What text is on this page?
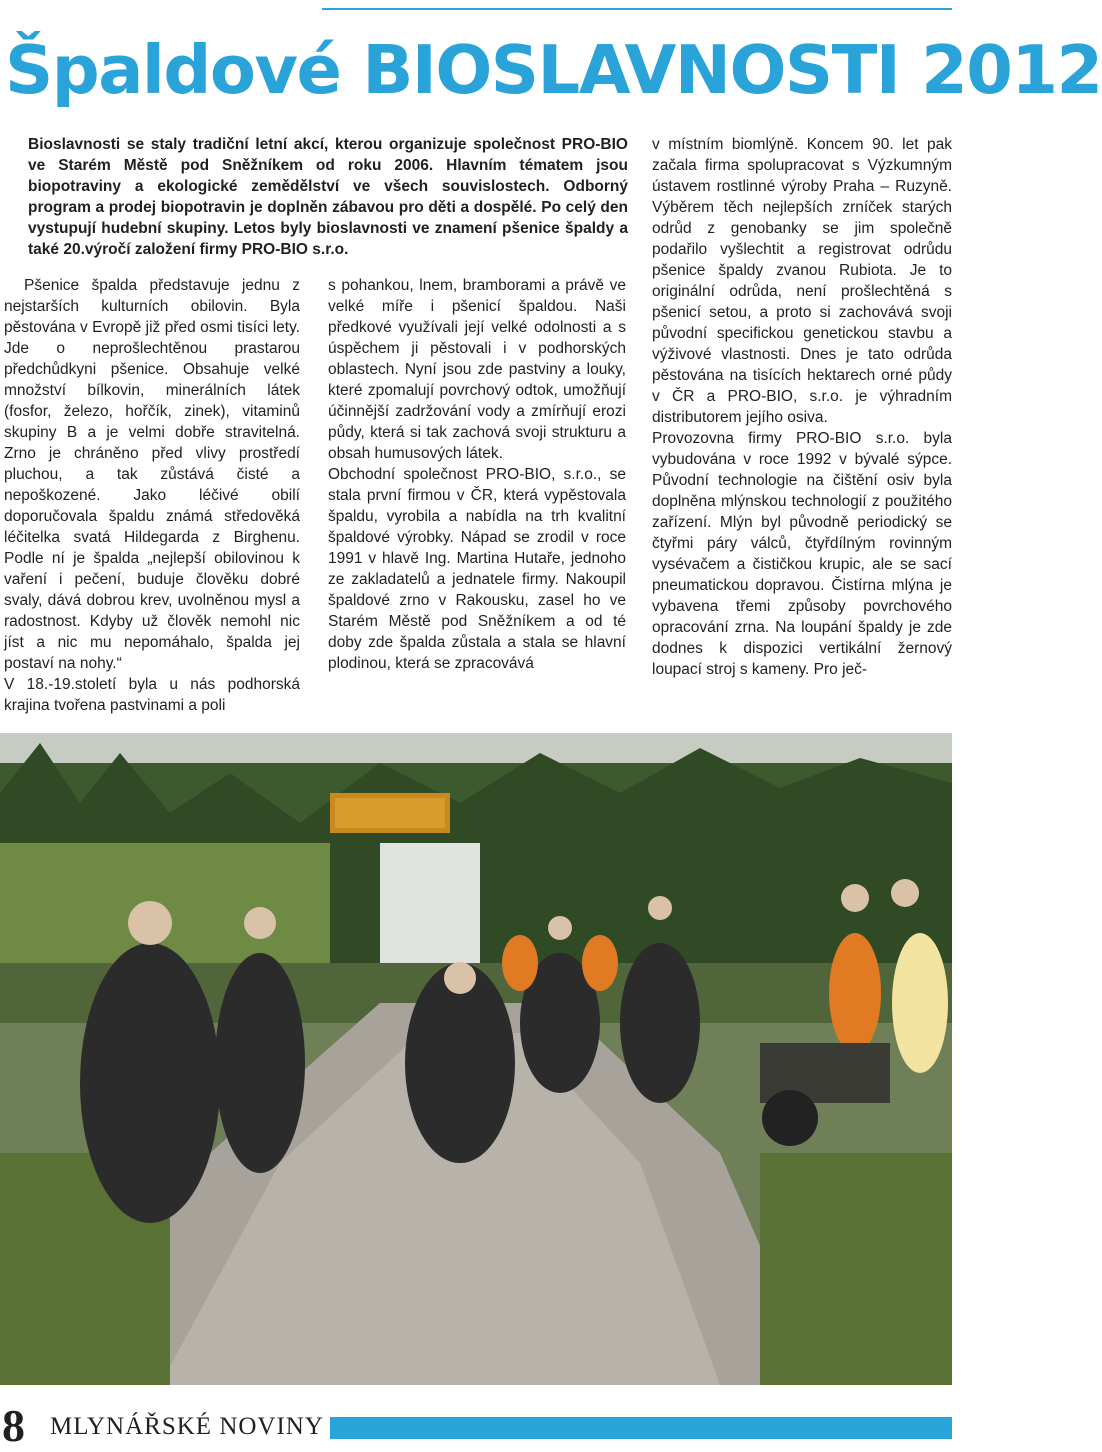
Špaldové BIOSLAVNOSTI 2012

Bioslavnosti se staly tradiční letní akcí, kterou organizuje společnost PRO-BIO ve Starém Městě pod Sněžníkem od roku 2006. Hlavním tématem jsou biopotraviny a ekologické zemědělství ve všech souvislostech. Odborný program a prodej biopotravin je doplněn zábavou pro děti a dospělé. Po celý den vystupují hudební skupiny. Letos byly bioslavnosti ve znamení pšenice špaldy a také 20.výročí založení firmy PRO-BIO s.r.o.

Pšenice špalda představuje jednu z nejstarších kulturních obilovin. Byla pěstována v Evropě již před osmi tisíci lety. Jde o neprošlechtěnou prastarou předchůdkyni pšenice. Obsahuje velké množství bílkovin, minerálních látek (fosfor, železo, hořčík, zinek), vitaminů skupiny B a je velmi dobře stravitelná. Zrno je chráněno před vlivy prostředí pluchou, a tak zůstává čisté a nepoškozené. Jako léčivé obilí doporučovala špaldu známá středověká léčitelka svatá Hildegarda z Birghenu. Podle ní je špalda „nejlepší obilovinou k vaření i pečení, buduje člověku dobré svaly, dává dobrou krev, uvolněnou mysl a radostnost. Kdyby už člověk nemohl nic jíst a nic mu nepomáhalo, špalda jej postaví na nohy.“

V 18.-19.století byla u nás podhorská krajina tvořena pastvinami a poli

s pohankou, lnem, bramborami a právě ve velké míře i pšenicí špaldou. Naši předkové využívali její velké odolnosti a s úspěchem ji pěstovali i v podhorských oblastech. Nyní jsou zde pastviny a louky, které zpomalují povrchový odtok, umožňují účinnější zadržování vody a zmírňují erozi půdy, která si tak zachová svoji strukturu a obsah humusových látek.

Obchodní společnost PRO-BIO, s.r.o., se stala první firmou v ČR, která vypěstovala špaldu, vyrobila a nabídla na trh kvalitní špaldové výrobky. Nápad se zrodil v roce 1991 v hlavě Ing. Martina Hutaře, jednoho ze zakladatelů a jednatele firmy. Nakoupil špaldové zrno v Rakousku, zasel ho ve Starém Městě pod Sněžníkem a od té doby zde špalda zůstala a stala se hlavní plodinou, která se zpracovává

v místním biomlýně. Koncem 90. let pak začala firma spolupracovat s Výzkumným ústavem rostlinné výroby Praha – Ruzyně. Výběrem těch nejlepších zrníček starých odrůd z genobanky se jim společně podařilo vyšlechtit a registrovat odrůdu pšenice špaldy zvanou Rubiota. Je to originální odrůda, není prošlechtěná s pšenicí setou, a proto si zachovává svoji původní specifickou genetickou stavbu a výživové vlastnosti. Dnes je tato odrůda pěstována na tisících hektarech orné půdy v ČR a PRO-BIO, s.r.o. je výhradním distributorem jejího osiva.

Provozovna firmy PRO-BIO s.r.o. byla vybudována v roce 1992 v bývalé sýpce. Původní technologie na čištění osiv byla doplněna mlýnskou technologií z použitého zařízení. Mlýn byl původně periodický se čtyřmi páry válců, čtyřdílným rovinným vysévačem a čističkou krupic, ale se sací pneumatickou dopravou. Čistírna mlýna je vybavena třemi způsoby povrchového opracování zrna. Na loupání špaldy je zde dodnes k dispozici vertikální žernový loupací stroj s kameny. Pro ječ-

8 MLYNÁŘSKÉ NOVINY
